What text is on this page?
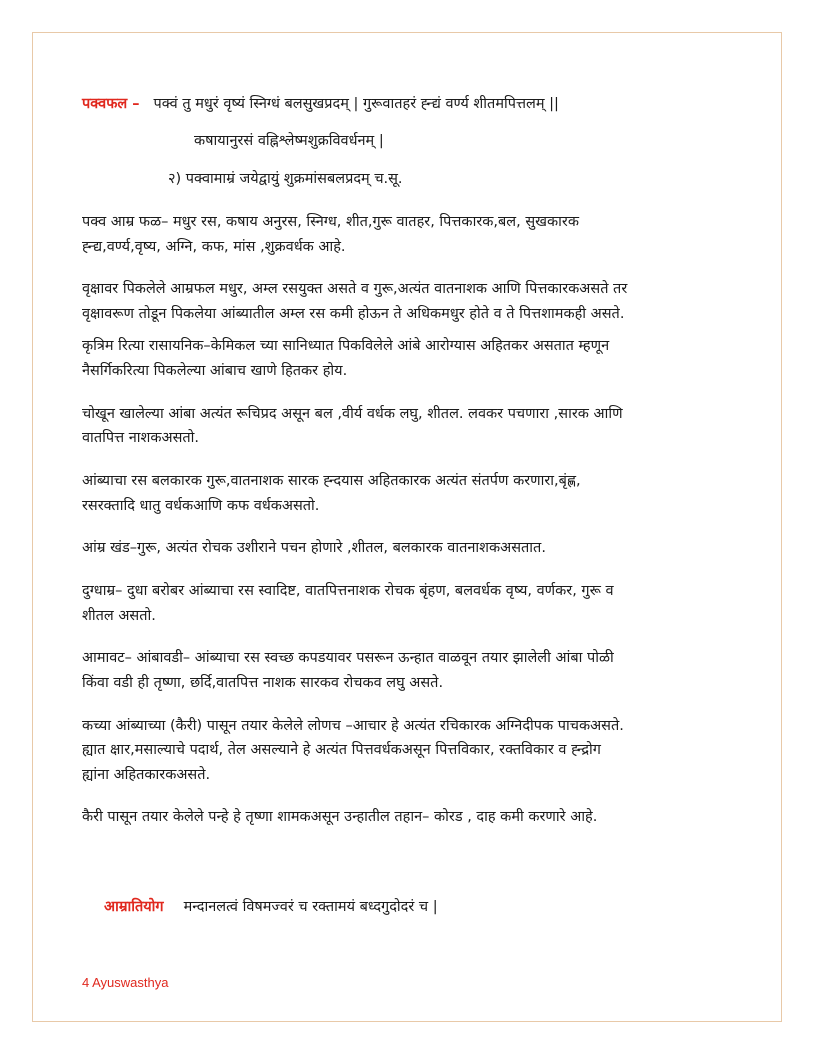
पक्वफल – पक्वं तु मधुरं वृष्यं स्निग्धं बलसुखप्रदम् | गुरूवातहरं ह्न्द्यं वर्ण्य शीतमपित्तलम् ||
कषायानुरसं वह्निश्लेष्मशुक्रविवर्धनम् |
२) पक्वामाम्रं जयेद्वायुं शुक्रमांसबलप्रदम् च.सू.
पक्व आम्र फळ– मधुर रस, कषाय अनुरस, स्निग्ध, शीत,गुरू वातहर, पित्तकारक,बल, सुखकारक
ह्न्द्य,वर्ण्य,वृष्य, अग्नि, कफ, मांस ,शुक्रवर्धक आहे.
वृक्षावर पिकलेले आम्रफल मधुर, अम्ल रसयुक्त असते व गुरू,अत्यंत वातनाशक आणि पित्तकारकअसते तर
वृक्षावरूण तोडून पिकलेया आंब्यातील अम्ल रस कमी होऊन ते अधिकमधुर होते व ते पित्तशामकही असते.
कृत्रिम रित्या रासायनिक–केमिकल च्या सानिध्यात पिकविलेले आंबे आरोग्यास अहितकर असतात म्हणून
नैसर्गिकरित्या पिकलेल्या आंबाच खाणे हितकर होय.
चोखून खालेल्या आंबा अत्यंत रूचिप्रद असून बल ,वीर्य वर्धक लघु, शीतल. लवकर पचणारा ,सारक आणि
वातपित्त नाशकअसतो.
आंब्याचा रस बलकारक गुरू,वातनाशक सारक ह्न्दयास अहितकारक अत्यंत संतर्पण करणारा,बृंह्ण,
रसरक्तादि धातु वर्धकआणि कफ वर्धकअसतो.
आंम्र खंड–गुरू, अत्यंत रोचक उशीराने पचन होणारे ,शीतल, बलकारक वातनाशकअसतात.
दुग्धाम्र– दुधा बरोबर आंब्याचा रस स्वादिष्ट, वातपित्तनाशक रोचक बृंहण, बलवर्धक वृष्य, वर्णकर, गुरू व
शीतल असतो.
आमावट– आंबावडी– आंब्याचा रस स्वच्छ कपडयावर पसरून ऊन्हात वाळवून तयार झालेली आंबा पोळी
किंवा वडी ही तृष्णा, छर्दि,वातपित्त नाशक सारकव रोचकव लघु असते.
कच्या आंब्याच्या (कैरी) पासून तयार केलेले लोणच –आचार हे अत्यंत रचिकारक अग्निदीपक पाचकअसते.
ह्यात क्षार,मसाल्याचे पदार्थ, तेल असल्याने हे अत्यंत पित्तवर्धकअसून पित्तविकार, रक्तविकार व ह्न्द्रोग
ह्यांना अहितकारकअसते.
कैरी पासून तयार केलेले पन्हे हे तृष्णा शामकअसून उन्हातील तहान– कोरड , दाह कमी करणारे आहे.
आम्रातियोग मन्दानलत्वं विषमज्वरं च रक्तामयं बध्दगुदोदरं च |
4 Ayuswasthya
